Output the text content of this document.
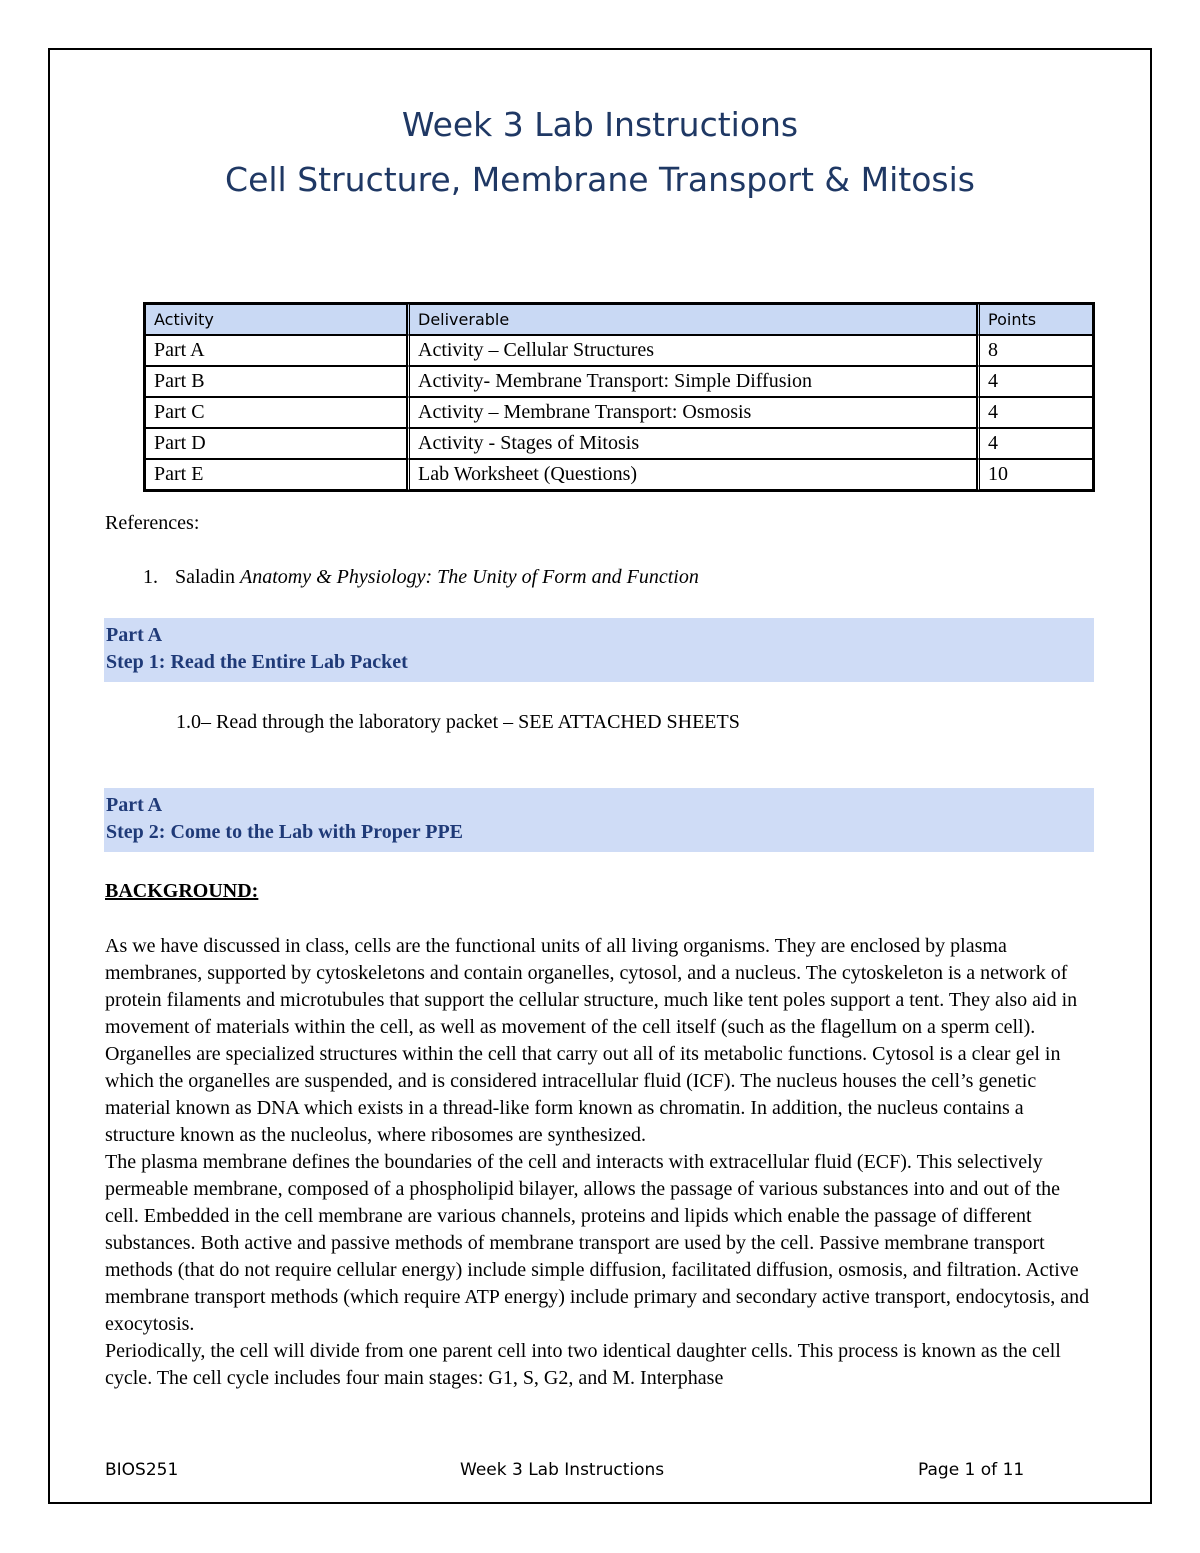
Week 3 Lab Instructions
Cell Structure, Membrane Transport & Mitosis
Activity	Deliverable	Points
Part A	Activity – Cellular Structures	8
Part B	Activity- Membrane Transport: Simple Diffusion	4
Part C	Activity – Membrane Transport: Osmosis	4
Part D	Activity - Stages of Mitosis	4
Part E	Lab Worksheet (Questions)	10
References:
1. Saladin Anatomy & Physiology: The Unity of Form and Function
Part A
Step 1: Read the Entire Lab Packet
1.0– Read through the laboratory packet – SEE ATTACHED SHEETS
Part A
Step 2: Come to the Lab with Proper PPE
BACKGROUND:

As we have discussed in class, cells are the functional units of all living organisms. They are enclosed by plasma membranes, supported by cytoskeletons and contain organelles, cytosol, and a nucleus. The cytoskeleton is a network of protein filaments and microtubules that support the cellular structure, much like tent poles support a tent. They also aid in movement of materials within the cell, as well as movement of the cell itself (such as the flagellum on a sperm cell). Organelles are specialized structures within the cell that carry out all of its metabolic functions. Cytosol is a clear gel in which the organelles are suspended, and is considered intracellular fluid (ICF). The nucleus houses the cell’s genetic material known as DNA which exists in a thread-like form known as chromatin. In addition, the nucleus contains a structure known as the nucleolus, where ribosomes are synthesized.

The plasma membrane defines the boundaries of the cell and interacts with extracellular fluid (ECF). This selectively permeable membrane, composed of a phospholipid bilayer, allows the passage of various substances into and out of the cell. Embedded in the cell membrane are various channels, proteins and lipids which enable the passage of different substances. Both active and passive methods of membrane transport are used by the cell. Passive membrane transport methods (that do not require cellular energy) include simple diffusion, facilitated diffusion, osmosis, and filtration. Active membrane transport methods (which require ATP energy) include primary and secondary active transport, endocytosis, and exocytosis.

Periodically, the cell will divide from one parent cell into two identical daughter cells. This process is known as the cell cycle. The cell cycle includes four main stages: G1, S, G2, and M. Interphase

BIOS251	Week 3 Lab Instructions	Page 1 of 11
